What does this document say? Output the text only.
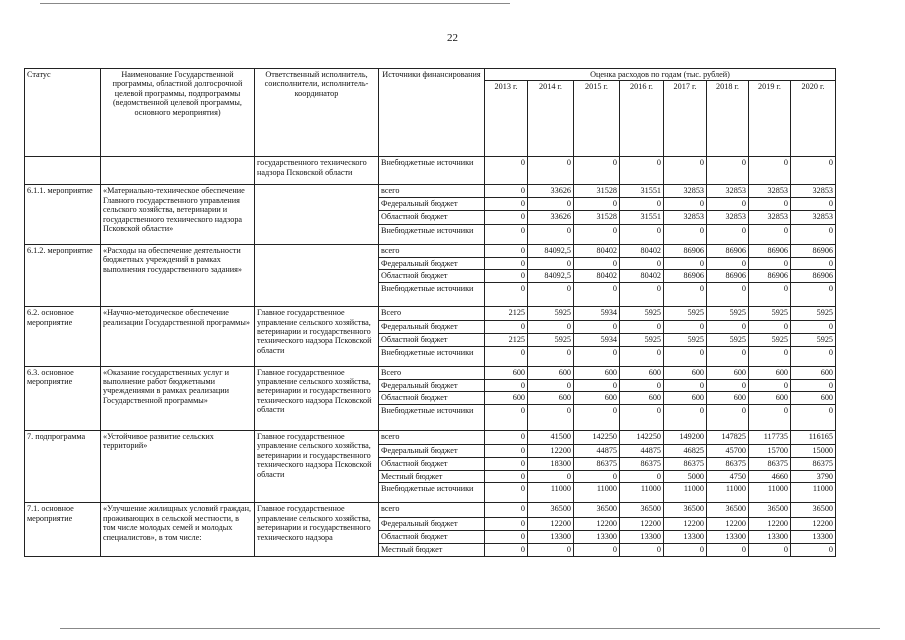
22
Статус	Наименование Государственной программы, областной долгосрочной целевой программы, подпрограммы (ведомственной целевой программы, основного мероприятия)	Ответственный исполнитель, соисполнители, исполнитель-координатор	Источники финансирования	Оценка расходов по годам (тыс. рублей)							
				2013 г.	2014 г.	2015 г.	2016 г.	2017 г.	2018 г.	2019 г.	2020 г.
		государственного технического надзора Псковской области	Внебюджетные источники	0	0	0	0	0	0	0	0
6.1.1. мероприятие	«Материально-техническое обеспечение Главного государственного управления сельского хозяйства, ветеринарии и государственного технического надзора Псковской области»		всего	0	33626	31528	31551	32853	32853	32853	32853
			Федеральный бюджет	0	0	0	0	0	0	0	0
			Областной бюджет	0	33626	31528	31551	32853	32853	32853	32853
			Внебюджетные источники	0	0	0	0	0	0	0	0
6.1.2. мероприятие	«Расходы на обеспечение деятельности бюджетных учреждений в рамках выполнения государственного задания»		всего	0	84092,5	80402	80402	86906	86906	86906	86906
			Федеральный бюджет	0	0	0	0	0	0	0	0
			Областной бюджет	0	84092,5	80402	80402	86906	86906	86906	86906
			Внебюджетные источники	0	0	0	0	0	0	0	0
6.2. основное мероприятие	«Научно-методическое обеспечение реализации Государственной программы»	Главное государственное управление сельского хозяйства, ветеринарии и государственного технического надзора Псковской области	Всего	2125	5925	5934	5925	5925	5925	5925	5925
			Федеральный бюджет	0	0	0	0	0	0	0	0
			Областной бюджет	2125	5925	5934	5925	5925	5925	5925	5925
			Внебюджетные источники	0	0	0	0	0	0	0	0
6.3. основное мероприятие	«Оказание государственных услуг и выполнение работ бюджетными учреждениями в рамках реализации Государственной программы»	Главное государственное управление сельского хозяйства, ветеринарии и государственного технического надзора Псковской области	Всего	600	600	600	600	600	600	600	600
			Федеральный бюджет	0	0	0	0	0	0	0	0
			Областной бюджет	600	600	600	600	600	600	600	600
			Внебюджетные источники	0	0	0	0	0	0	0	0
7. подпрограмма	«Устойчивое развитие сельских территорий»	Главное государственное управление сельского хозяйства, ветеринарии и государственного технического надзора Псковской области	всего	0	41500	142250	142250	149200	147825	117735	116165
			Федеральный бюджет	0	12200	44875	44875	46825	45700	15700	15000
			Областной бюджет	0	18300	86375	86375	86375	86375	86375	86375
			Местный бюджет	0	0	0	0	5000	4750	4660	3790
			Внебюджетные источники	0	11000	11000	11000	11000	11000	11000	11000
7.1. основное мероприятие	«Улучшение жилищных условий граждан, проживающих в сельской местности, в том числе молодых семей и молодых специалистов», в том числе:	Главное государственное управление сельского хозяйства, ветеринарии и государственного технического надзора	всего	0	36500	36500	36500	36500	36500	36500	36500
			Федеральный бюджет	0	12200	12200	12200	12200	12200	12200	12200
			Областной бюджет	0	13300	13300	13300	13300	13300	13300	13300
			Местный бюджет	0	0	0	0	0	0	0	0
